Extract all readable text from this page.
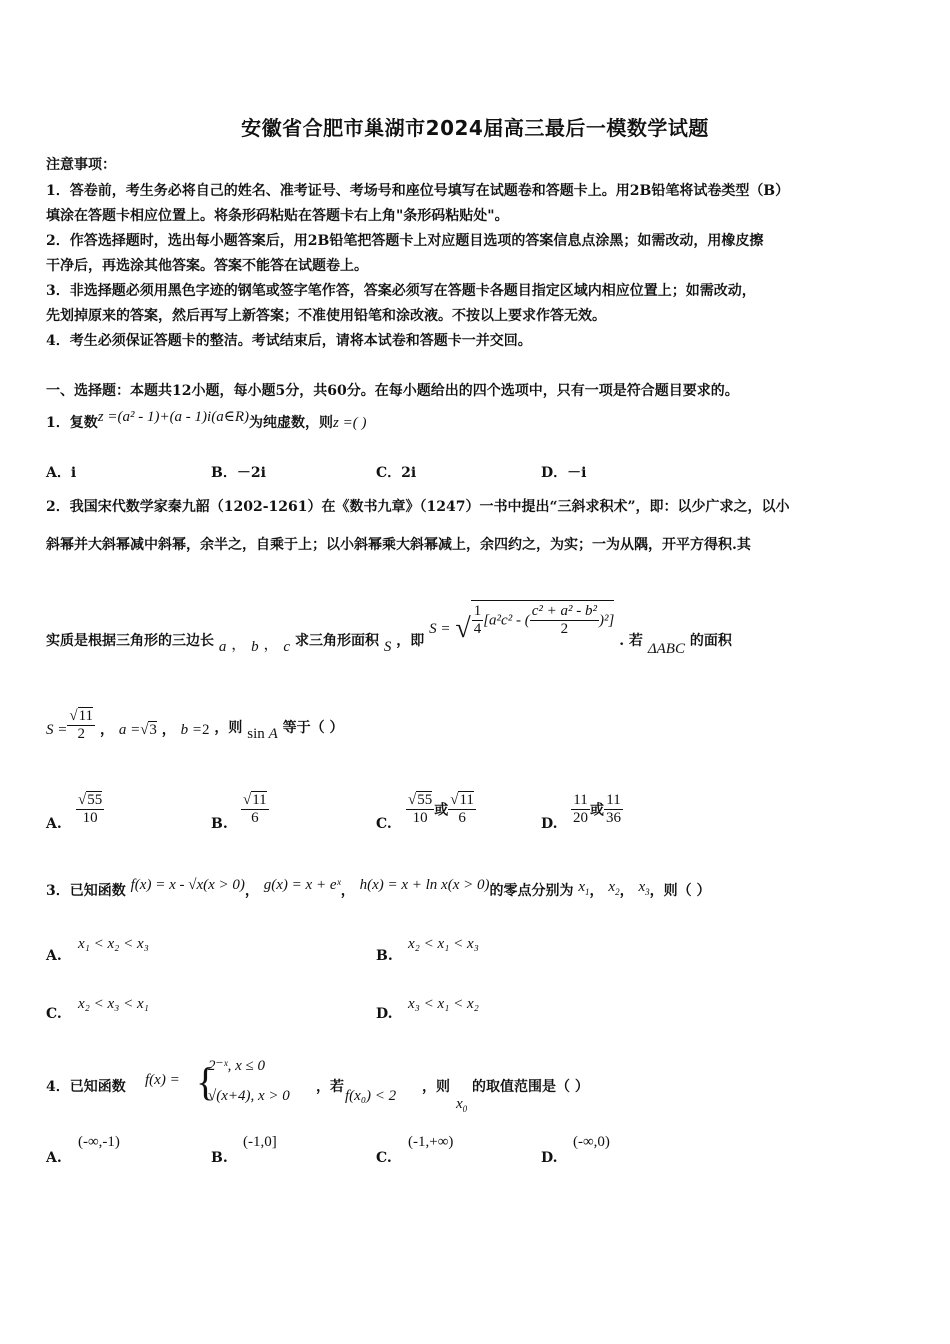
安徽省合肥市巢湖市2024届高三最后一模数学试题
注意事项：
1．答卷前，考生务必将自己的姓名、准考证号、考场号和座位号填写在试题卷和答题卡上。用2B铅笔将试卷类型（B）
填涂在答题卡相应位置上。将条形码粘贴在答题卡右上角"条形码粘贴处"。
2．作答选择题时，选出每小题答案后，用2B铅笔把答题卡上对应题目选项的答案信息点涂黑；如需改动，用橡皮擦
干净后，再选涂其他答案。答案不能答在试题卷上。
3．非选择题必须用黑色字迹的钢笔或签字笔作答，答案必须写在答题卡各题目指定区域内相应位置上；如需改动，
先划掉原来的答案，然后再写上新答案；不准使用铅笔和涂改液。不按以上要求作答无效。
4．考生必须保证答题卡的整洁。考试结束后，请将本试卷和答题卡一并交回。
一、选择题：本题共12小题，每小题5分，共60分。在每小题给出的四个选项中，只有一项是符合题目要求的。
1．复数z =(a² - 1)+(a - 1)i(a∈R)为纯虚数，则z =( )
A．i	B．－2i	C．2i	D．－i
2．我国宋代数学家秦九韶（1202-1261）在《数书九章》（1247）一书中提出“三斜求积术”，即：以少广求之，以小
斜幂并大斜幂减中斜幂，余半之，自乘于上；以小斜幂乘大斜幂减上，余四约之，为实；一为从隅，开平方得积.其
实质是根据三角形的三边长 a ， b ， c 求三角形面积 S ，即 S = √ $\frac{1}{4} [a^2c^2$ - ( $\frac{\text{c² + a² - b²}}{2} )^2$] . 若 ΔABC 的面积
$S = \frac{√11}{2}$ ， a =√3 ， b =2 ，则 sin A 等于（ ）
A. $\frac{√55}{10}$	B. $\frac{√11}{6}$	C. $\frac{√55}{10}$ 或 $\frac{√11}{6}$	D. $\frac{11}{20}$ 或 $\frac{11}{36}$
3．已知函数 f(x) = x - √x(x > 0)， g(x) = x + eˣ， h(x) = x + ln x(x > 0)的零点分别为 $x_1$， $x_2$， $x_3$，则（ ）
A.
x₁ < x₂ < x₃
B.
x₂ < x₁ < x₃
C.
x₂ < x₃ < x₁
D.
x₃ < x₁ < x₂
4．已知函数 f(x) = {
2⁻ˣ, x ≤ 0
√(x+4), x > 0
，若
f(x₀) < 2
，则
$x_0$
的取值范围是（ ）
A.
(-∞,-1)
B.
(-1,0]
C.
(-1,+∞)
D.
(-∞,0)
